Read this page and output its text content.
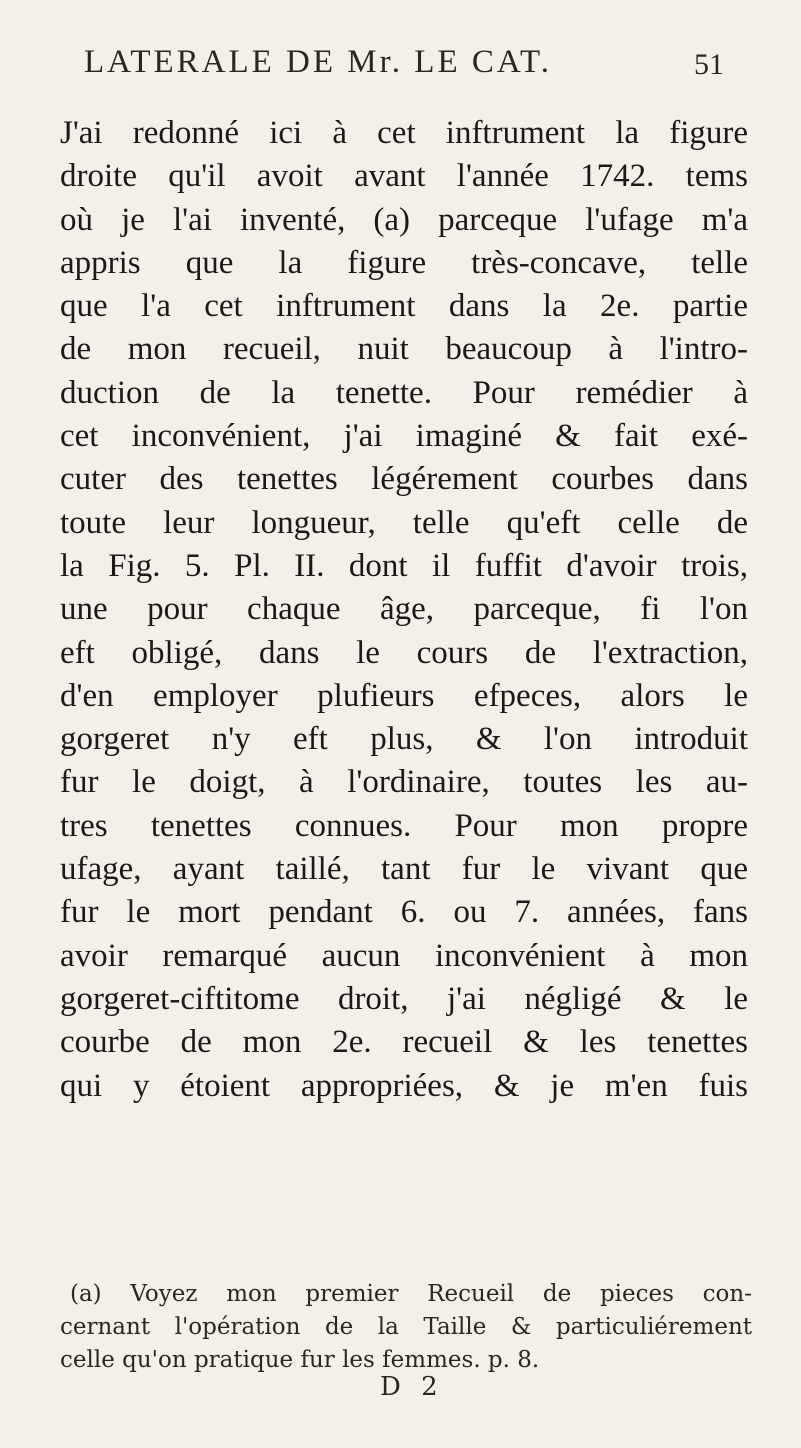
LATERALE DE Mr. LE CAT.	51
J'ai redonné ici à cet inftrument la figure
droite qu'il avoit avant l'année 1742. tems
où je l'ai inventé, (a) parceque l'ufage m'a
appris que la figure très-concave, telle
que l'a cet inftrument dans la 2e. partie
de mon recueil, nuit beaucoup à l'intro-
duction de la tenette. Pour remédier à
cet inconvénient, j'ai imaginé & fait exé-
cuter des tenettes légérement courbes dans
toute leur longueur, telle qu'eft celle de
la Fig. 5. Pl. II. dont il fuffit d'avoir trois,
une pour chaque âge, parceque, fi l'on
eft obligé, dans le cours de l'extraction,
d'en employer plufieurs efpeces, alors le
gorgeret n'y eft plus, & l'on introduit
fur le doigt, à l'ordinaire, toutes les au-
tres tenettes connues. Pour mon propre
ufage, ayant taillé, tant fur le vivant que
fur le mort pendant 6. ou 7. années, fans
avoir remarqué aucun inconvénient à mon
gorgeret-ciftitome droit, j'ai négligé & le
courbe de mon 2e. recueil & les tenettes
qui y étoient appropriées, & je m'en fuis
(a) Voyez mon premier Recueil de pieces con-
cernant l'opération de la Taille & particuliérement
celle qu'on pratique fur les femmes. p. 8.
D 2
